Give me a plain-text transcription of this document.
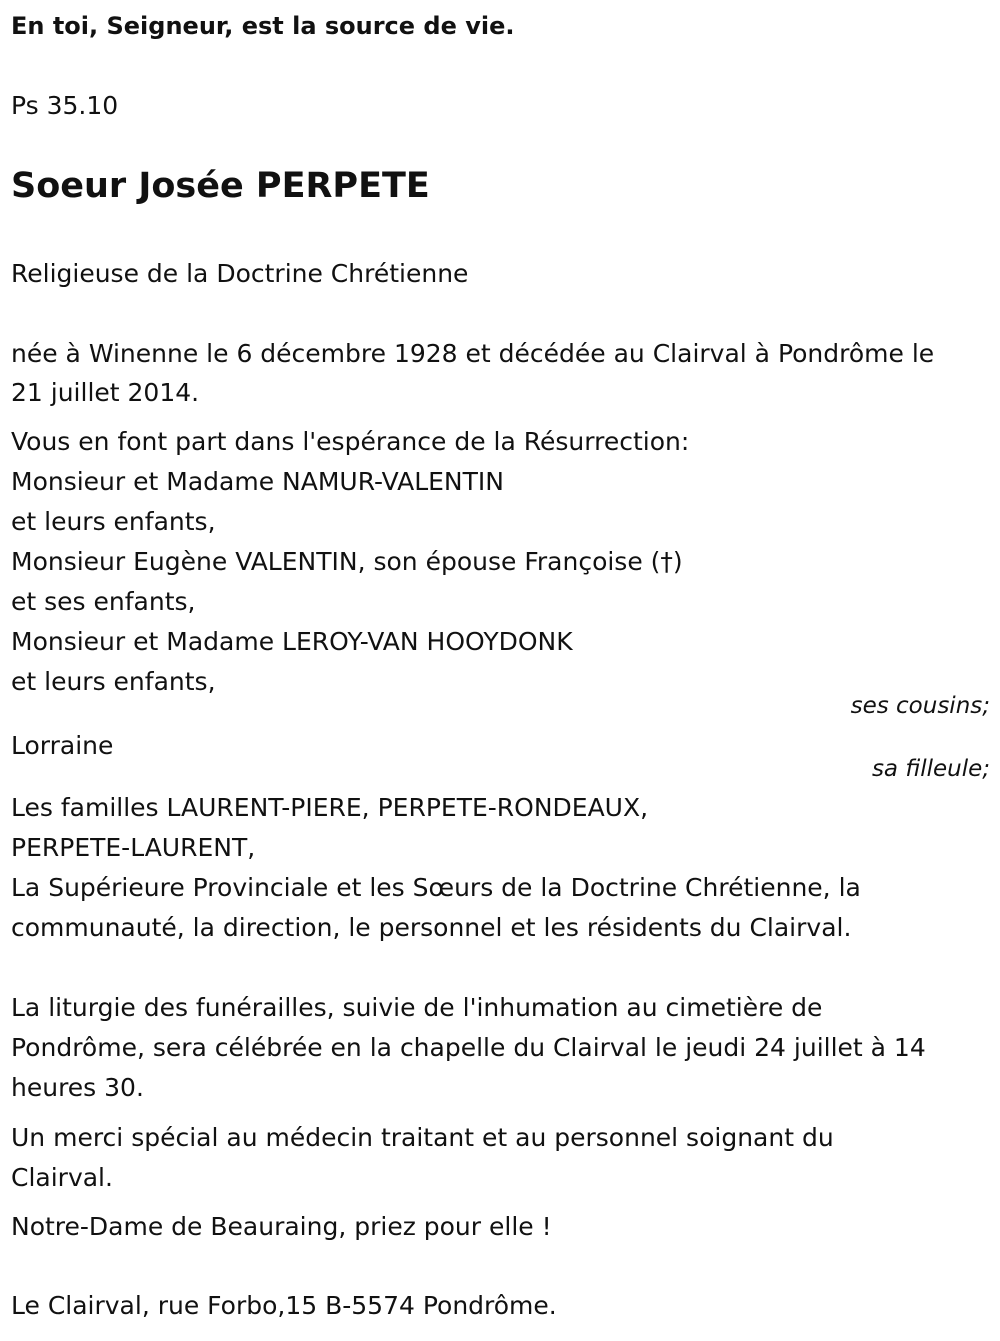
En toi, Seigneur, est la source de vie.
Ps 35.10
Soeur Josée PERPETE
Religieuse de la Doctrine Chrétienne
née à Winenne le 6 décembre 1928 et décédée au Clairval à Pondrôme le
21 juillet 2014.
Vous en font part dans l'espérance de la Résurrection:
Monsieur et Madame NAMUR-VALENTIN
et leurs enfants,
Monsieur Eugène VALENTIN, son épouse Françoise (†)
et ses enfants,
Monsieur et Madame LEROY-VAN HOOYDONK
et leurs enfants,
ses cousins;
Lorraine
sa filleule;
Les familles LAURENT-PIERE, PERPETE-RONDEAUX,
PERPETE-LAURENT,
La Supérieure Provinciale et les Sœurs de la Doctrine Chrétienne, la
communauté, la direction, le personnel et les résidents du Clairval.
La liturgie des funérailles, suivie de l'inhumation au cimetière de
Pondrôme, sera célébrée en la chapelle du Clairval le jeudi 24 juillet à 14
heures 30.
Un merci spécial au médecin traitant et au personnel soignant du
Clairval.
Notre-Dame de Beauraing, priez pour elle !
Le Clairval, rue Forbo,15 B-5574 Pondrôme.
